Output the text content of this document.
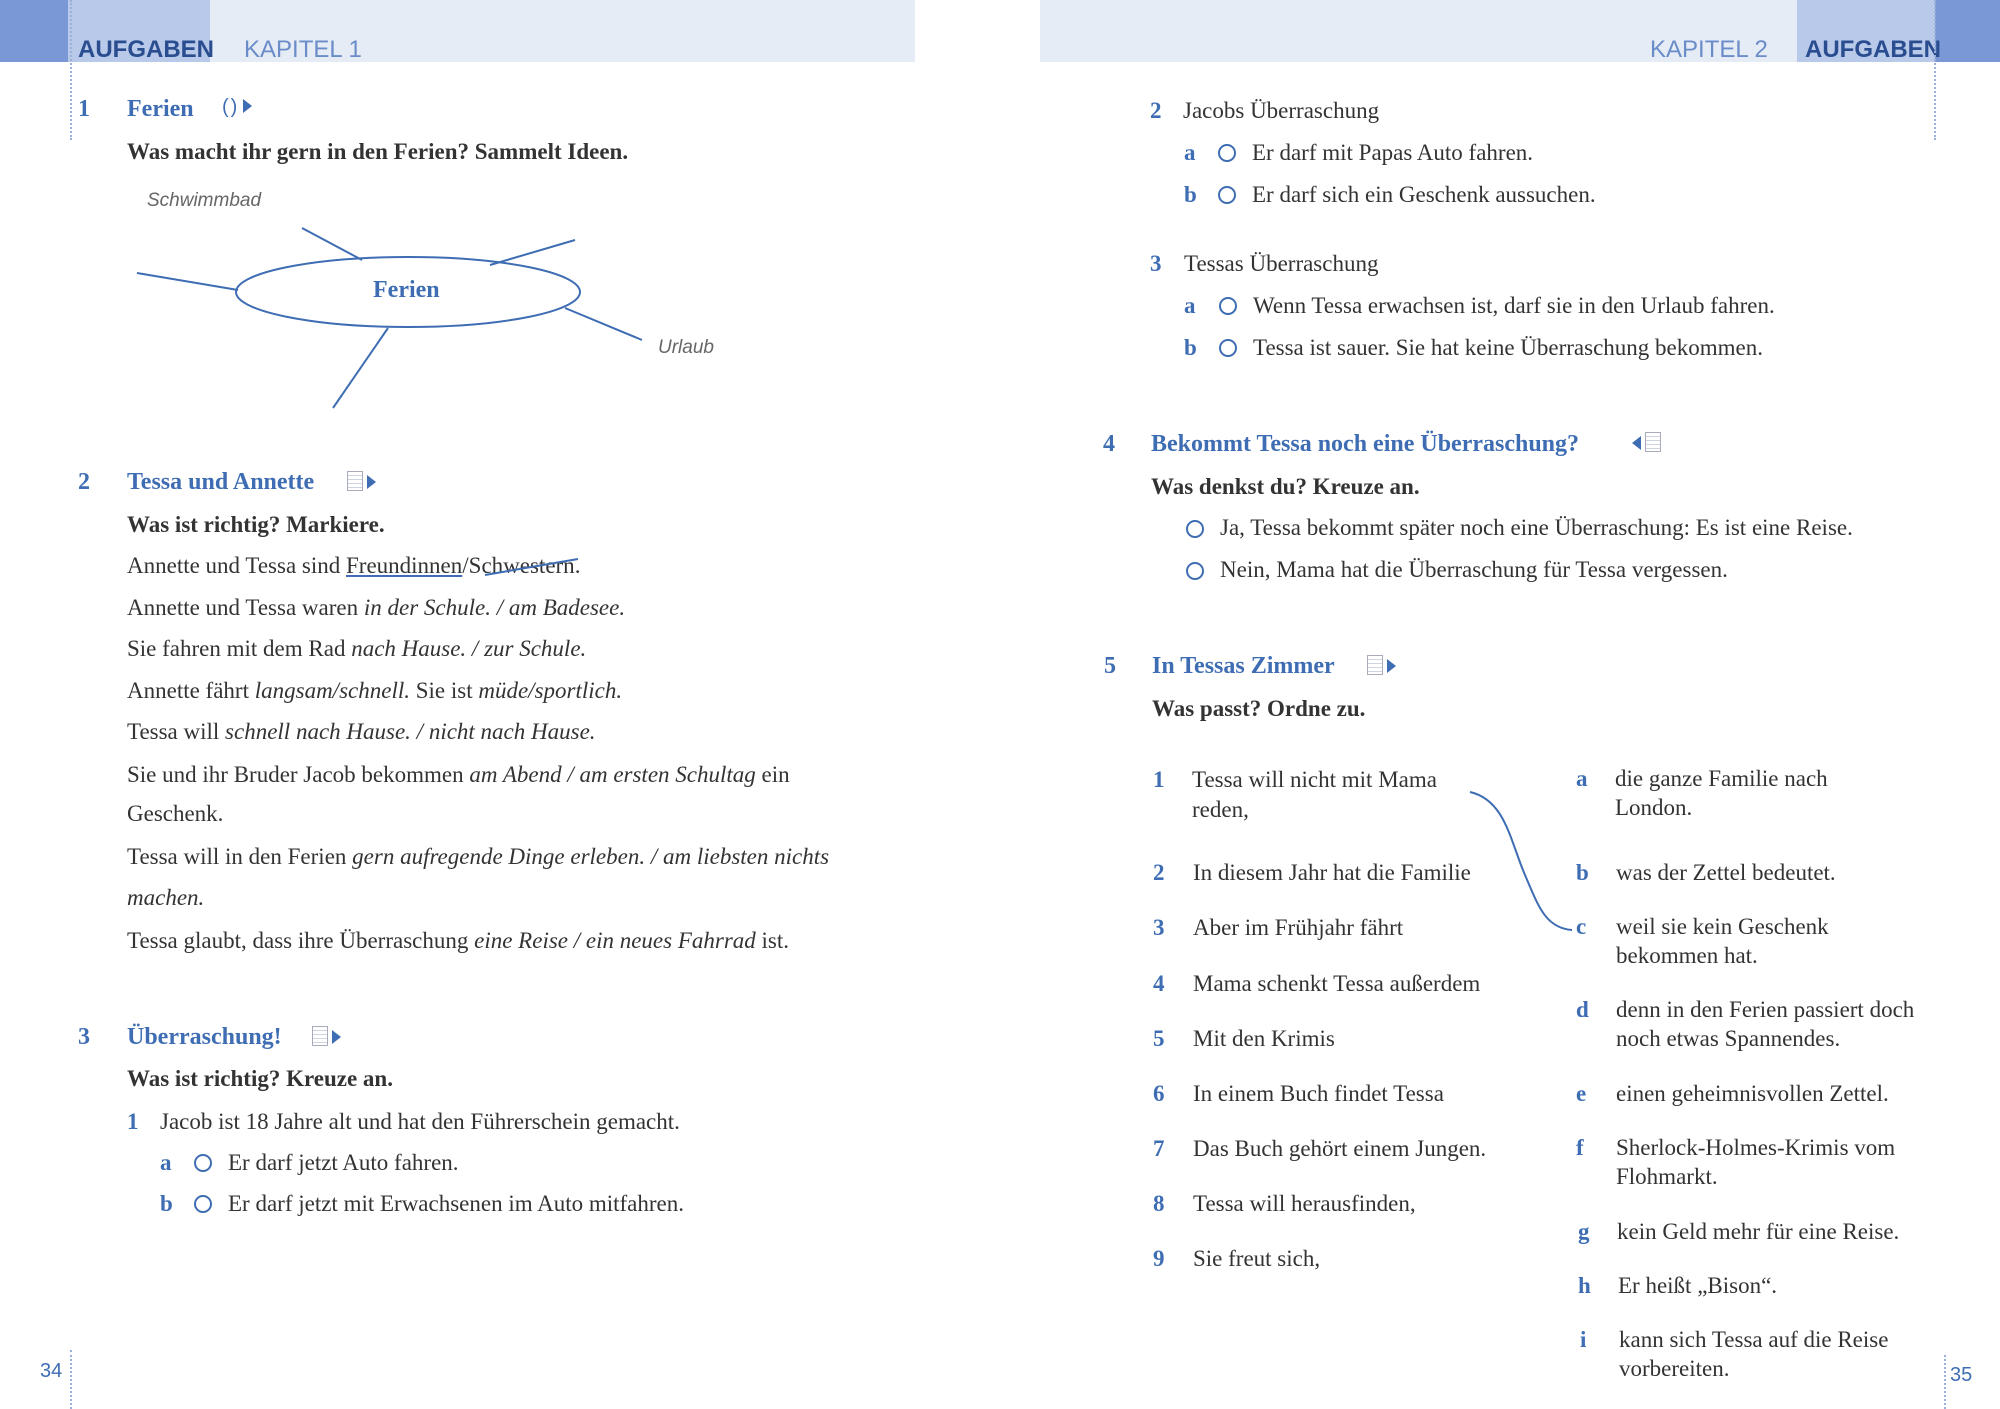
AUFGABEN KAPITEL 1	KAPITEL 2 AUFGABEN
1 Ferien ()
Was macht ihr gern in den Ferien? Sammelt Ideen.
Ferien
Schwimmbad
Urlaub
2 Tessa und Annette

Was ist richtig? Markiere.
Annette und Tessa sind Freundinnen/Schwestern
.
Annette und Tessa waren in der Schule. / am Badesee.
Sie fahren mit dem Rad nach Hause. / zur Schule.
Annette fährt langsam/schnell. Sie ist müde/sportlich.
Tessa will schnell nach Hause. / nicht nach Hause.
Sie und ihr Bruder Jacob bekommen am Abend / am ersten Schultag ein
Geschenk.
Tessa will in den Ferien gern aufregende Dinge erleben. / am liebsten nichts
machen.
Tessa glaubt, dass ihre Überraschung eine Reise / ein neues Fahrrad ist.
3 Überraschung!

Was ist richtig? Kreuze an.
1 Jacob ist 18 Jahre alt und hat den Führerschein gemacht.
a Er darf jetzt Auto fahren.
b Er darf jetzt mit Erwachsenen im Auto mitfahren.
34
2 Jacobs Überraschung
a Er darf mit Papas Auto fahren.
b Er darf sich ein Geschenk aussuchen.
3 Tessas Überraschung
a	Wenn Tessa erwachsen ist, darf sie in den Urlaub fahren.
b Tessa ist sauer. Sie hat keine Überraschung bekommen.
4 Bekommt Tessa noch eine Überraschung?

Was denkst du? Kreuze an.
Ja, Tessa bekommt später noch eine Überraschung: Es ist eine Reise.
Nein, Mama hat die Überraschung für Tessa vergessen.
5 In Tessas Zimmer

Was passt? Ordne zu.
1 Tessa will nicht mit Mama
reden,
2 In diesem Jahr hat die Familie
3 Aber im Frühjahr fährt
4 Mama schenkt Tessa außerdem
5 Mit den Krimis
6 In einem Buch findet Tessa
7 Das Buch gehört einem Jungen.
8 Tessa will herausfinden,
9 Sie freut sich,
a die ganze Familie nach
London.
b was der Zettel bedeutet.
c weil sie kein Geschenk
bekommen hat.
d denn in den Ferien passiert doch
noch etwas Spannendes.
e einen geheimnisvollen Zettel.
f Sherlock-Holmes-Krimis vom
Flohmarkt.
g kein Geld mehr für eine Reise.
h Er heißt „Bison“.
i kann sich Tessa auf die Reise
vorbereiten.	35
